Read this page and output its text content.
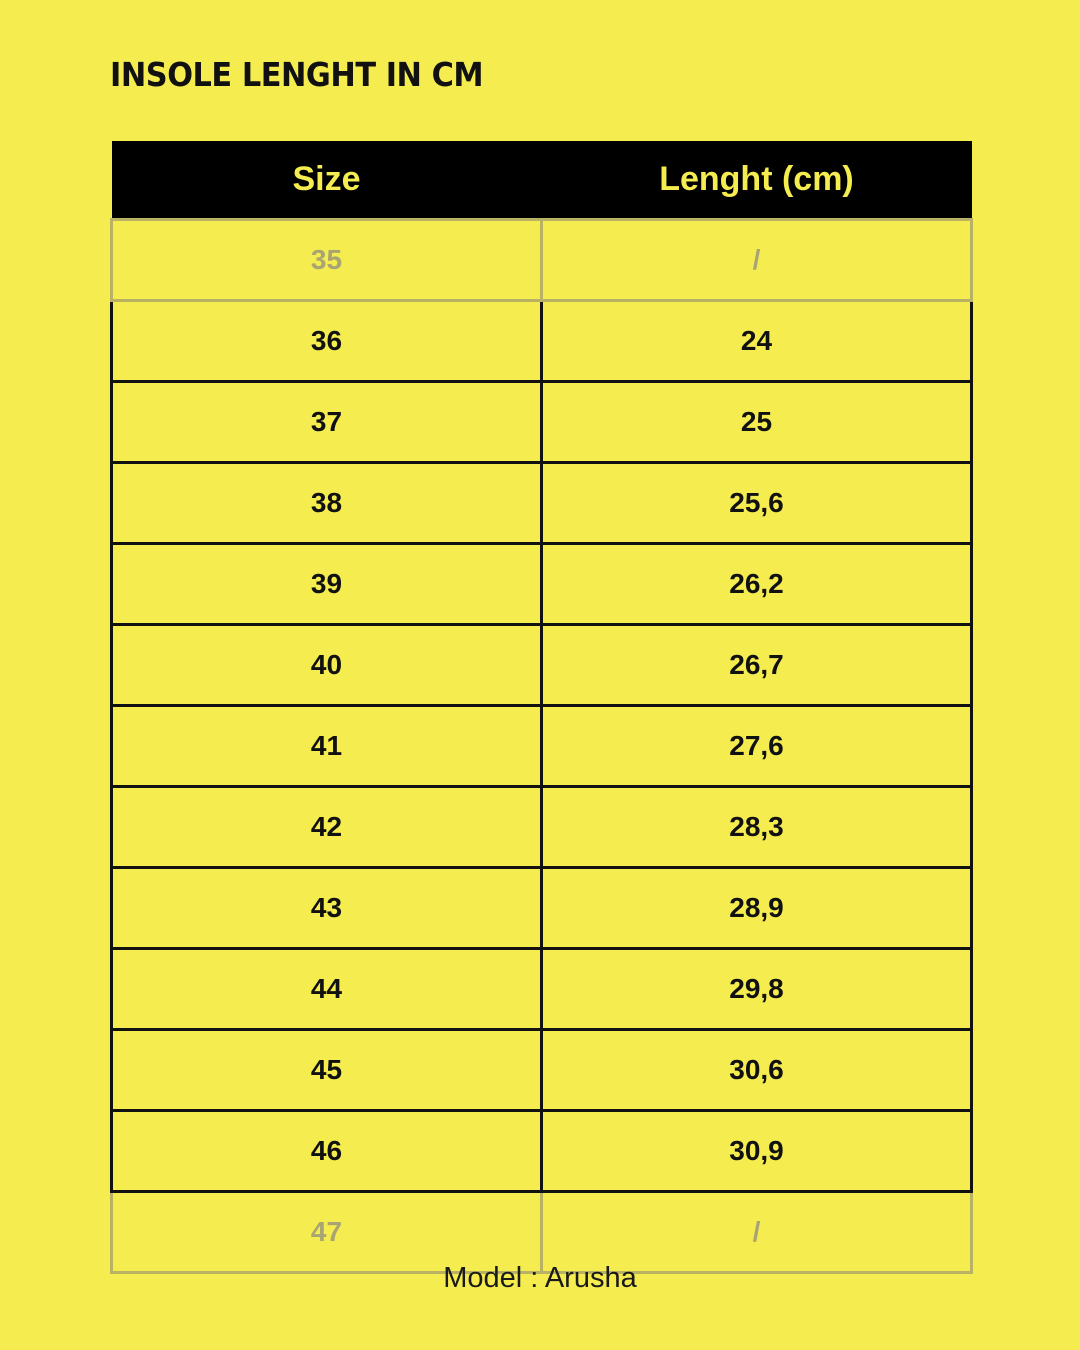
INSOLE LENGHT IN CM
Size	Lenght (cm)
35	/
36	24
37	25
38	25,6
39	26,2
40	26,7
41	27,6
42	28,3
43	28,9
44	29,8
45	30,6
46	30,9
47	/
Model : Arusha
